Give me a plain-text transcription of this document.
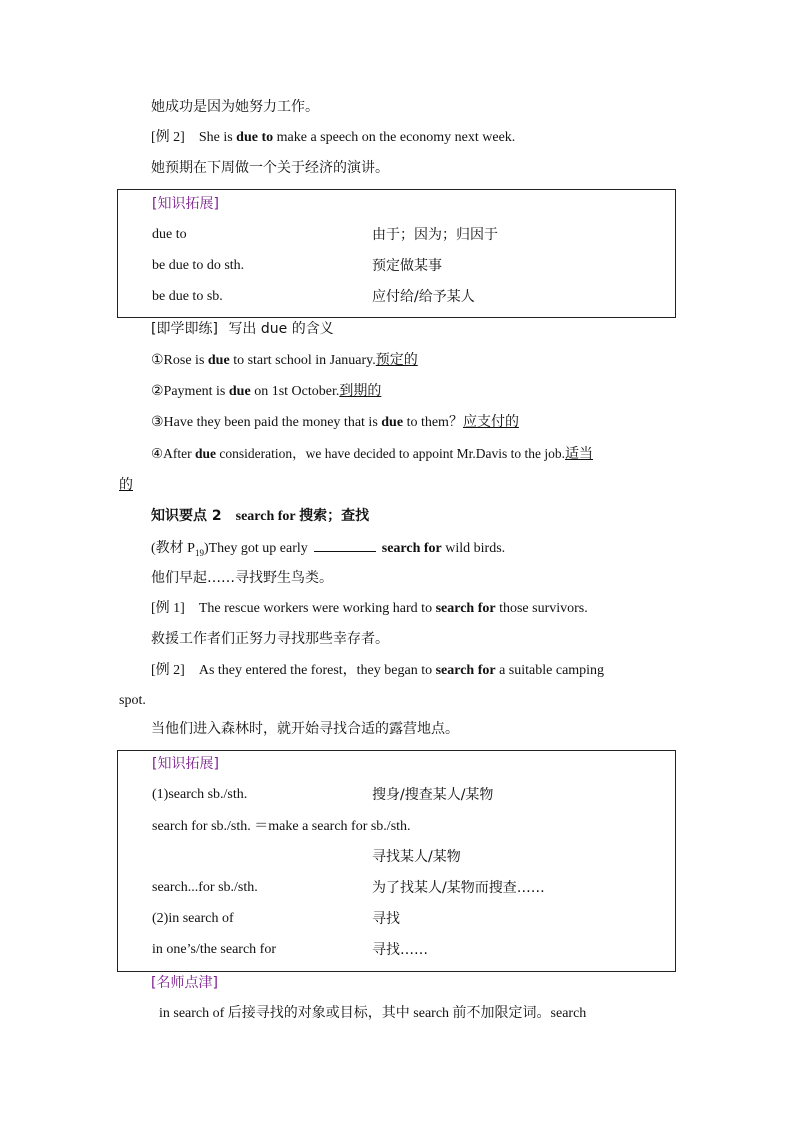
她成功是因为她努力工作。
[例 2] She is due to make a speech on the economy next week.
她预期在下周做一个关于经济的演讲。
[知识拓展]
due to	由于；因为；归因于
be due to do sth.	预定做某事
be due to sb.	应付给/给予某人
[即学即练] 写出 due 的含义
①Rose is due to start school in January.预定的
②Payment is due on 1st October.到期的
③Have they been paid the money that is due to them？应支付的
④After due consideration，we have decided to appoint Mr.Davis to the job.适当
的
知识要点 2 search for 搜索；查找
(教材 $P_{19})They$ got up early	search for wild birds.
他们早起……寻找野生鸟类。
[例 1] The rescue workers were working hard to search for those survivors.
救援工作者们正努力寻找那些幸存者。
[例 2] As they entered the forest，they began to search for a suitable camping
spot.
当他们进入森林时，就开始寻找合适的露营地点。
[知识拓展]
(1)search sb./sth.	搜身/搜查某人/某物
search for sb./sth. ＝make a search for sb./sth.
寻找某人/某物
search...for sb./sth.	为了找某人/某物而搜查……
(2)in search of	寻找
in one’s/the search for	寻找……
[名师点津]
in search of 后接寻找的对象或目标，其中 search 前不加限定词。search
